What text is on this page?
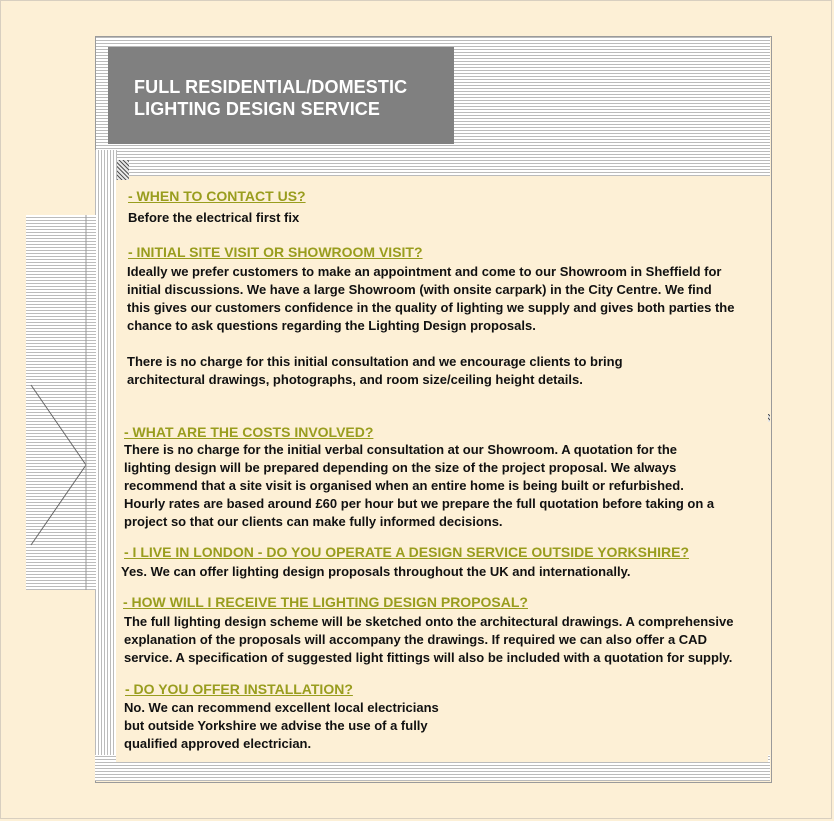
FULL RESIDENTIAL/DOMESTIC
LIGHTING DESIGN SERVICE
- WHEN TO CONTACT US?
Before the electrical first fix
- INITIAL SITE VISIT OR SHOWROOM VISIT?
Ideally we prefer customers to make an appointment and come to our Showroom in Sheffield for
initial discussions. We have a large Showroom (with onsite carpark) in the City Centre. We find
this gives our customers confidence in the quality of lighting we supply and gives both parties the
chance to ask questions regarding the Lighting Design proposals.
There is no charge for this initial consultation and we encourage clients to bring
architectural drawings, photographs, and room size/ceiling height details.
- WHAT ARE THE COSTS INVOLVED?
There is no charge for the initial verbal consultation at our Showroom. A quotation for the
lighting design will be prepared depending on the size of the project proposal. We always
recommend that a site visit is organised when an entire home is being built or refurbished.
Hourly rates are based around £60 per hour but we prepare the full quotation before taking on a
project so that our clients can make fully informed decisions.
- I LIVE IN LONDON - DO YOU OPERATE A DESIGN SERVICE OUTSIDE YORKSHIRE?
Yes. We can offer lighting design proposals throughout the UK and internationally.
- HOW WILL I RECEIVE THE LIGHTING DESIGN PROPOSAL?
The full lighting design scheme will be sketched onto the architectural drawings. A comprehensive
explanation of the proposals will accompany the drawings. If required we can also offer a CAD
service. A specification of suggested light fittings will also be included with a quotation for supply.
- DO YOU OFFER INSTALLATION?
No. We can recommend excellent local electricians
but outside Yorkshire we advise the use of a fully
qualified approved electrician.
